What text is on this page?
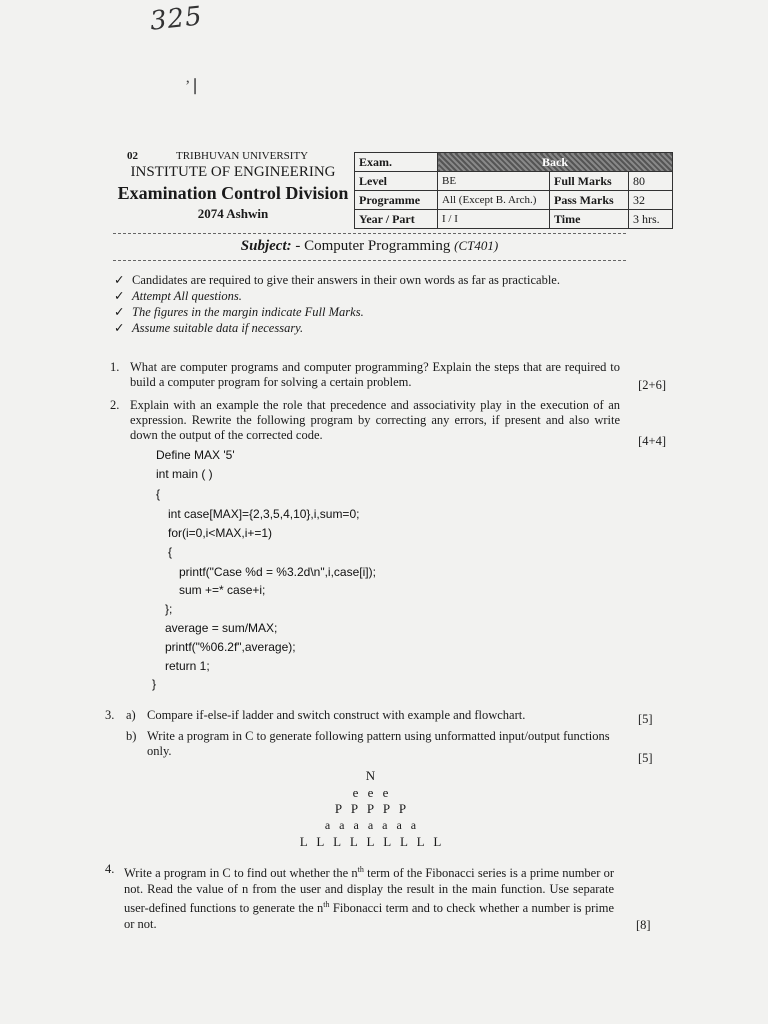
325
ʼ ⎸
02	TRIBHUVAN UNIVERSITY
INSTITUTE OF ENGINEERING
Examination Control Division
2074 Ashwin
Exam.	Back		
Level	BE	Full Marks	80
Programme	All (Except B. Arch.)	Pass Marks	32
Year / Part	I / I	Time	3 hrs.
Subject: - Computer Programming (CT401)
✓ Candidates are required to give their answers in their own words as far as practicable.
✓ Attempt All questions.
✓ The figures in the margin indicate Full Marks.
✓ Assume suitable data if necessary.
1. What are computer programs and computer programming? Explain the steps that are required to build a computer program for solving a certain problem.	[2+6]
2. Explain with an example the role that precedence and associativity play in the execution of an expression. Rewrite the following program by correcting any errors, if present and also write down the output of the corrected code.	[4+4]
Define MAX '5'
int main ( )
{
int case[MAX]={2,3,5,4,10},i,sum=0;
for(i=0,i<MAX,i+=1)
{
printf("Case %d = %3.2d\n",i,case[i]);
sum +=* case+i;
};
average = sum/MAX;
printf("%06.2f",average);
return 1;
}
3. a) Compare if-else-if ladder and switch construct with example and flowchart.	[5]
b) Write a program in C to generate following pattern using unformatted input/output functions only.	[5]
N
e e e
P P P P P
a a a a a a a
L L L L L L L L L
4. Write a program in C to find out whether the $n^{th}$ term of the Fibonacci series is a prime number or not. Read the value of n from the user and display the result in the main function. Use separate user-defined functions to generate the $n^{th}$ Fibonacci term and to check whether a number is prime or not.	[8]
